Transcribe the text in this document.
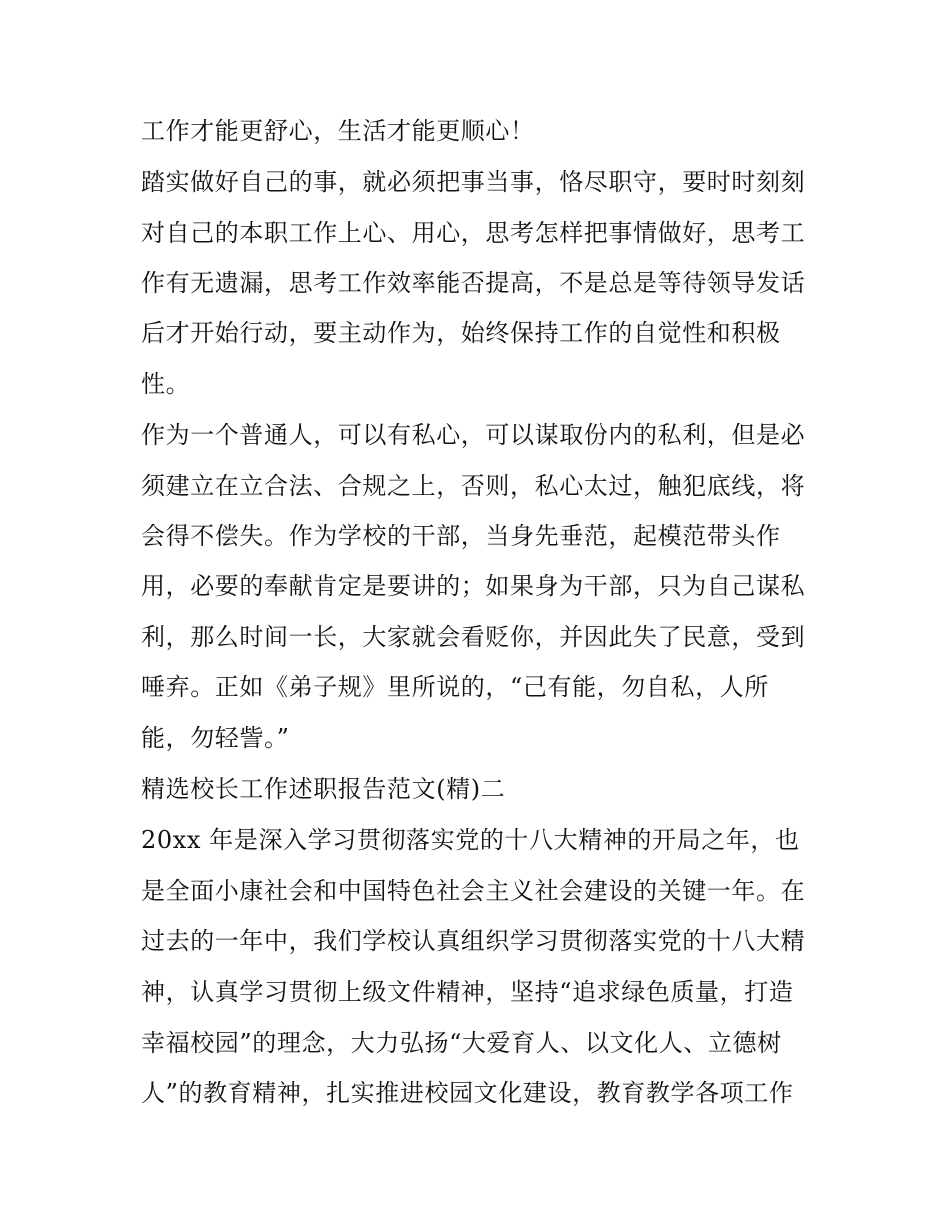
工作才能更舒心，生活才能更顺心！
踏实做好自己的事，就必须把事当事，恪尽职守，要时时刻刻
对自己的本职工作上心、用心，思考怎样把事情做好，思考工
作有无遗漏，思考工作效率能否提高，不是总是等待领导发话
后才开始行动，要主动作为，始终保持工作的自觉性和积极
性。
作为一个普通人，可以有私心，可以谋取份内的私利，但是必
须建立在立合法、合规之上，否则，私心太过，触犯底线，将
会得不偿失。作为学校的干部，当身先垂范，起模范带头作
用，必要的奉献肯定是要讲的；如果身为干部，只为自己谋私
利，那么时间一长，大家就会看贬你，并因此失了民意，受到
唾弃。正如《弟子规》里所说的，“己有能，勿自私，人所
能，勿轻訾。”
精选校长工作述职报告范文(精)二
20xx 年是深入学习贯彻落实党的十八大精神的开局之年，也
是全面小康社会和中国特色社会主义社会建设的关键一年。在
过去的一年中，我们学校认真组织学习贯彻落实党的十八大精
神，认真学习贯彻上级文件精神，坚持“追求绿色质量，打造
幸福校园”的理念，大力弘扬“大爱育人、以文化人、立德树
人”的教育精神，扎实推进校园文化建设，教育教学各项工作
